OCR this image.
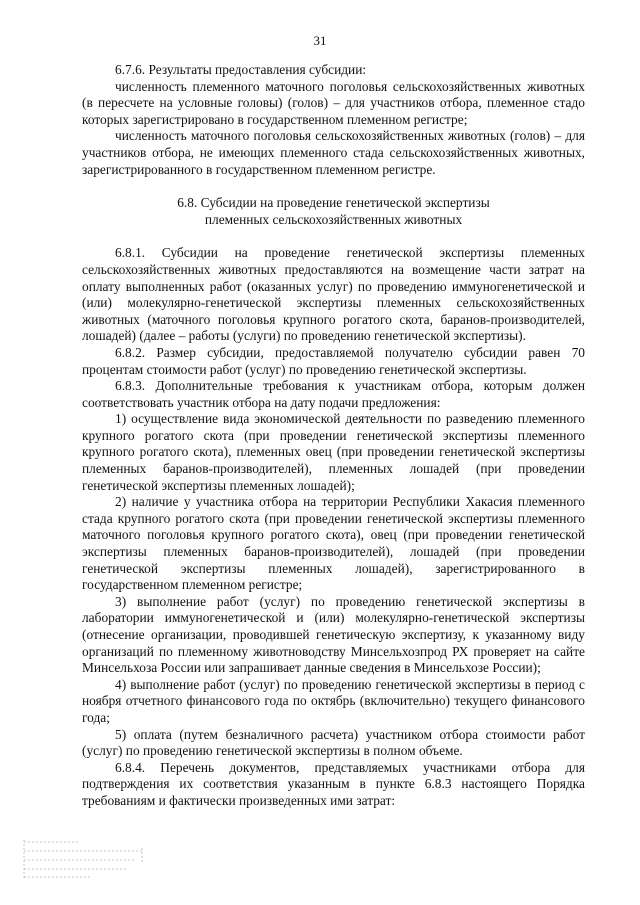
31

6.7.6. Результаты предоставления субсидии:

численность племенного маточного поголовья сельскохозяйственных животных (в пересчете на условные головы) (голов) – для участников отбора, племенное стадо которых зарегистрировано в государственном племенном регистре;

численность маточного поголовья сельскохозяйственных животных (голов) – для участников отбора, не имеющих племенного стада сельскохозяйственных животных, зарегистрированного в государственном племенном регистре.

6.8. Субсидии на проведение генетической экспертизы

племенных сельскохозяйственных животных

6.8.1. Субсидии на проведение генетической экспертизы племенных сельскохозяйственных животных предоставляются на возмещение части затрат на оплату выполненных работ (оказанных услуг) по проведению иммуногенетической и (или) молекулярно-генетической экспертизы племенных сельскохозяйственных животных (маточного поголовья крупного рогатого скота, баранов-производителей, лошадей) (далее – работы (услуги) по проведению генетической экспертизы).

6.8.2. Размер субсидии, предоставляемой получателю субсидии равен 70 процентам стоимости работ (услуг) по проведению генетической экспертизы.

6.8.3. Дополнительные требования к участникам отбора, которым должен соответствовать участник отбора на дату подачи предложения:

1) осуществление вида экономической деятельности по разведению племенного крупного рогатого скота (при проведении генетической экспертизы племенного крупного рогатого скота), племенных овец (при проведении генетической экспертизы племенных баранов-производителей), племенных лошадей (при проведении генетической экспертизы племенных лошадей);

2) наличие у участника отбора на территории Республики Хакасия племенного стада крупного рогатого скота (при проведении генетической экспертизы племенного маточного поголовья крупного рогатого скота), овец (при проведении генетической экспертизы племенных баранов-производителей), лошадей (при проведении генетической экспертизы племенных лошадей), зарегистрированного в государственном племенном регистре;

3) выполнение работ (услуг) по проведению генетической экспертизы в лаборатории иммуногенетической и (или) молекулярно-генетической экспертизы (отнесение организации, проводившей генетическую экспертизу, к указанному виду организаций по племенному животноводству Минсельхозпрод РХ проверяет на сайте Минсельхоза России или запрашивает данные сведения в Минсельхозе России);

4) выполнение работ (услуг) по проведению генетической экспертизы в период с ноября отчетного финансового года по октябрь (включительно) текущего финансового года;

5) оплата (путем безналичного расчета) участником отбора стоимости работ (услуг) по проведению генетической экспертизы в полном объеме.

6.8.4. Перечень документов, представляемых участниками отбора для подтверждения их соответствия указанным в пункте 6.8.3 настоящего Порядка требованиям и фактически произведенных ими затрат:
